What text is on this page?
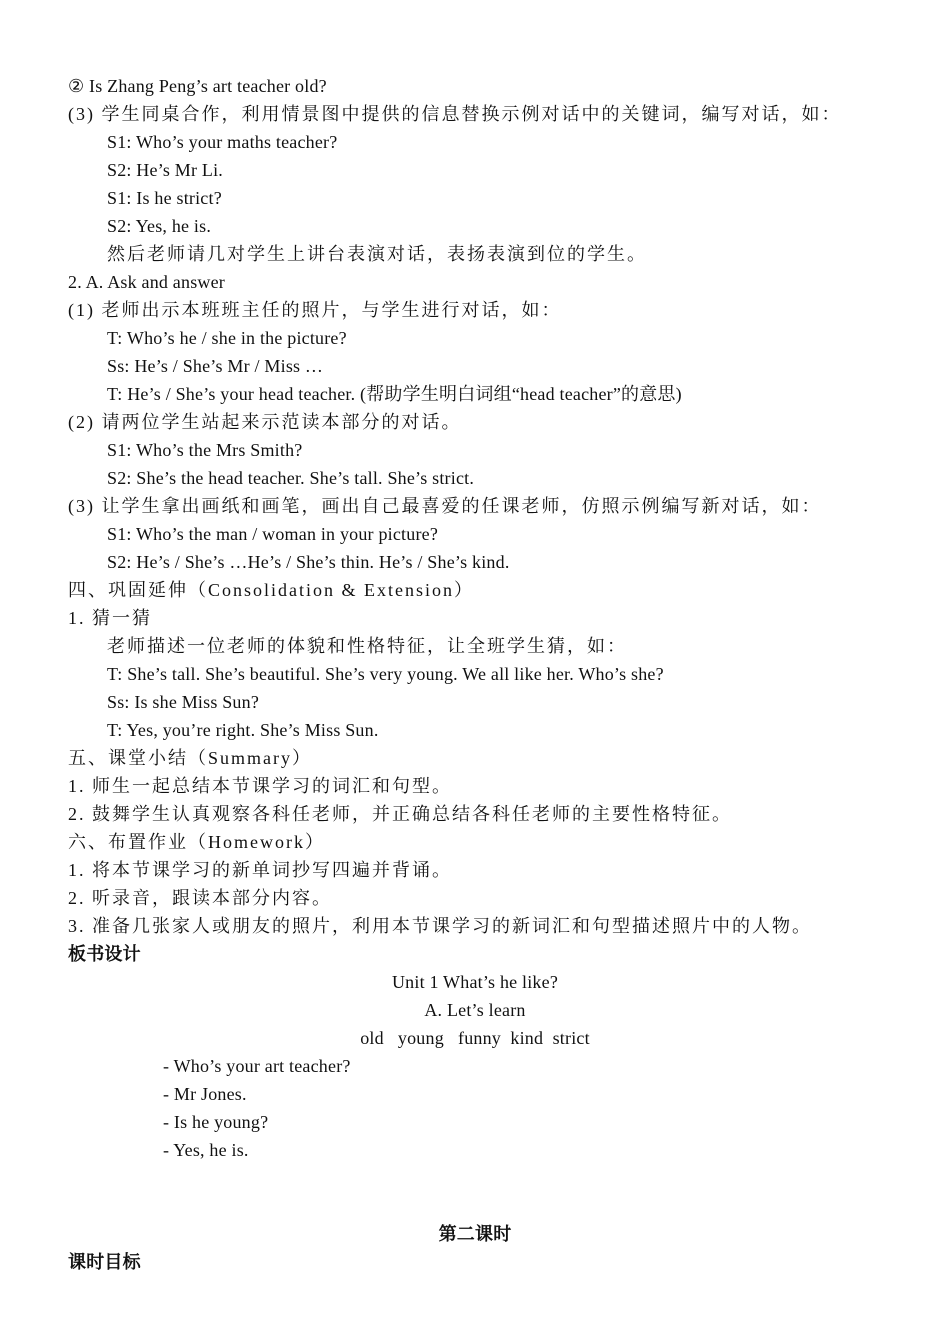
② Is Zhang Peng’s art teacher old?
(3) 学生同桌合作，利用情景图中提供的信息替换示例对话中的关键词，编写对话，如：
S1: Who’s your maths teacher?
S2: He’s Mr Li.
S1: Is he strict?
S2: Yes, he is.
然后老师请几对学生上讲台表演对话，表扬表演到位的学生。
2. A. Ask and answer
(1) 老师出示本班班主任的照片，与学生进行对话，如：
T: Who’s he / she in the picture?
Ss: He’s / She’s Mr / Miss …
T: He’s / She’s your head teacher. (帮助学生明白词组“head teacher”的意思)
(2) 请两位学生站起来示范读本部分的对话。
S1: Who’s the Mrs Smith?
S2: She’s the head teacher. She’s tall. She’s strict.
(3) 让学生拿出画纸和画笔，画出自己最喜爱的任课老师，仿照示例编写新对话，如：
S1: Who’s the man / woman in your picture?
S2: He’s / She’s …He’s / She’s thin. He’s / She’s kind.
四、巩固延伸（Consolidation & Extension）
1. 猜一猜
老师描述一位老师的体貌和性格特征，让全班学生猜，如：
T: She’s tall. She’s beautiful. She’s very young. We all like her. Who’s she?
Ss: Is she Miss Sun?
T: Yes, you’re right. She’s Miss Sun.
五、课堂小结（Summary）
1. 师生一起总结本节课学习的词汇和句型。
2. 鼓舞学生认真观察各科任老师，并正确总结各科任老师的主要性格特征。
六、布置作业（Homework）
1. 将本节课学习的新单词抄写四遍并背诵。
2. 听录音，跟读本部分内容。
3. 准备几张家人或朋友的照片，利用本节课学习的新词汇和句型描述照片中的人物。
板书设计
Unit 1 What’s he like?
A. Let’s learn
old   young   funny  kind  strict
- Who’s your art teacher?
- Mr Jones.
- Is he young?
- Yes, he is.
第二课时
课时目标
